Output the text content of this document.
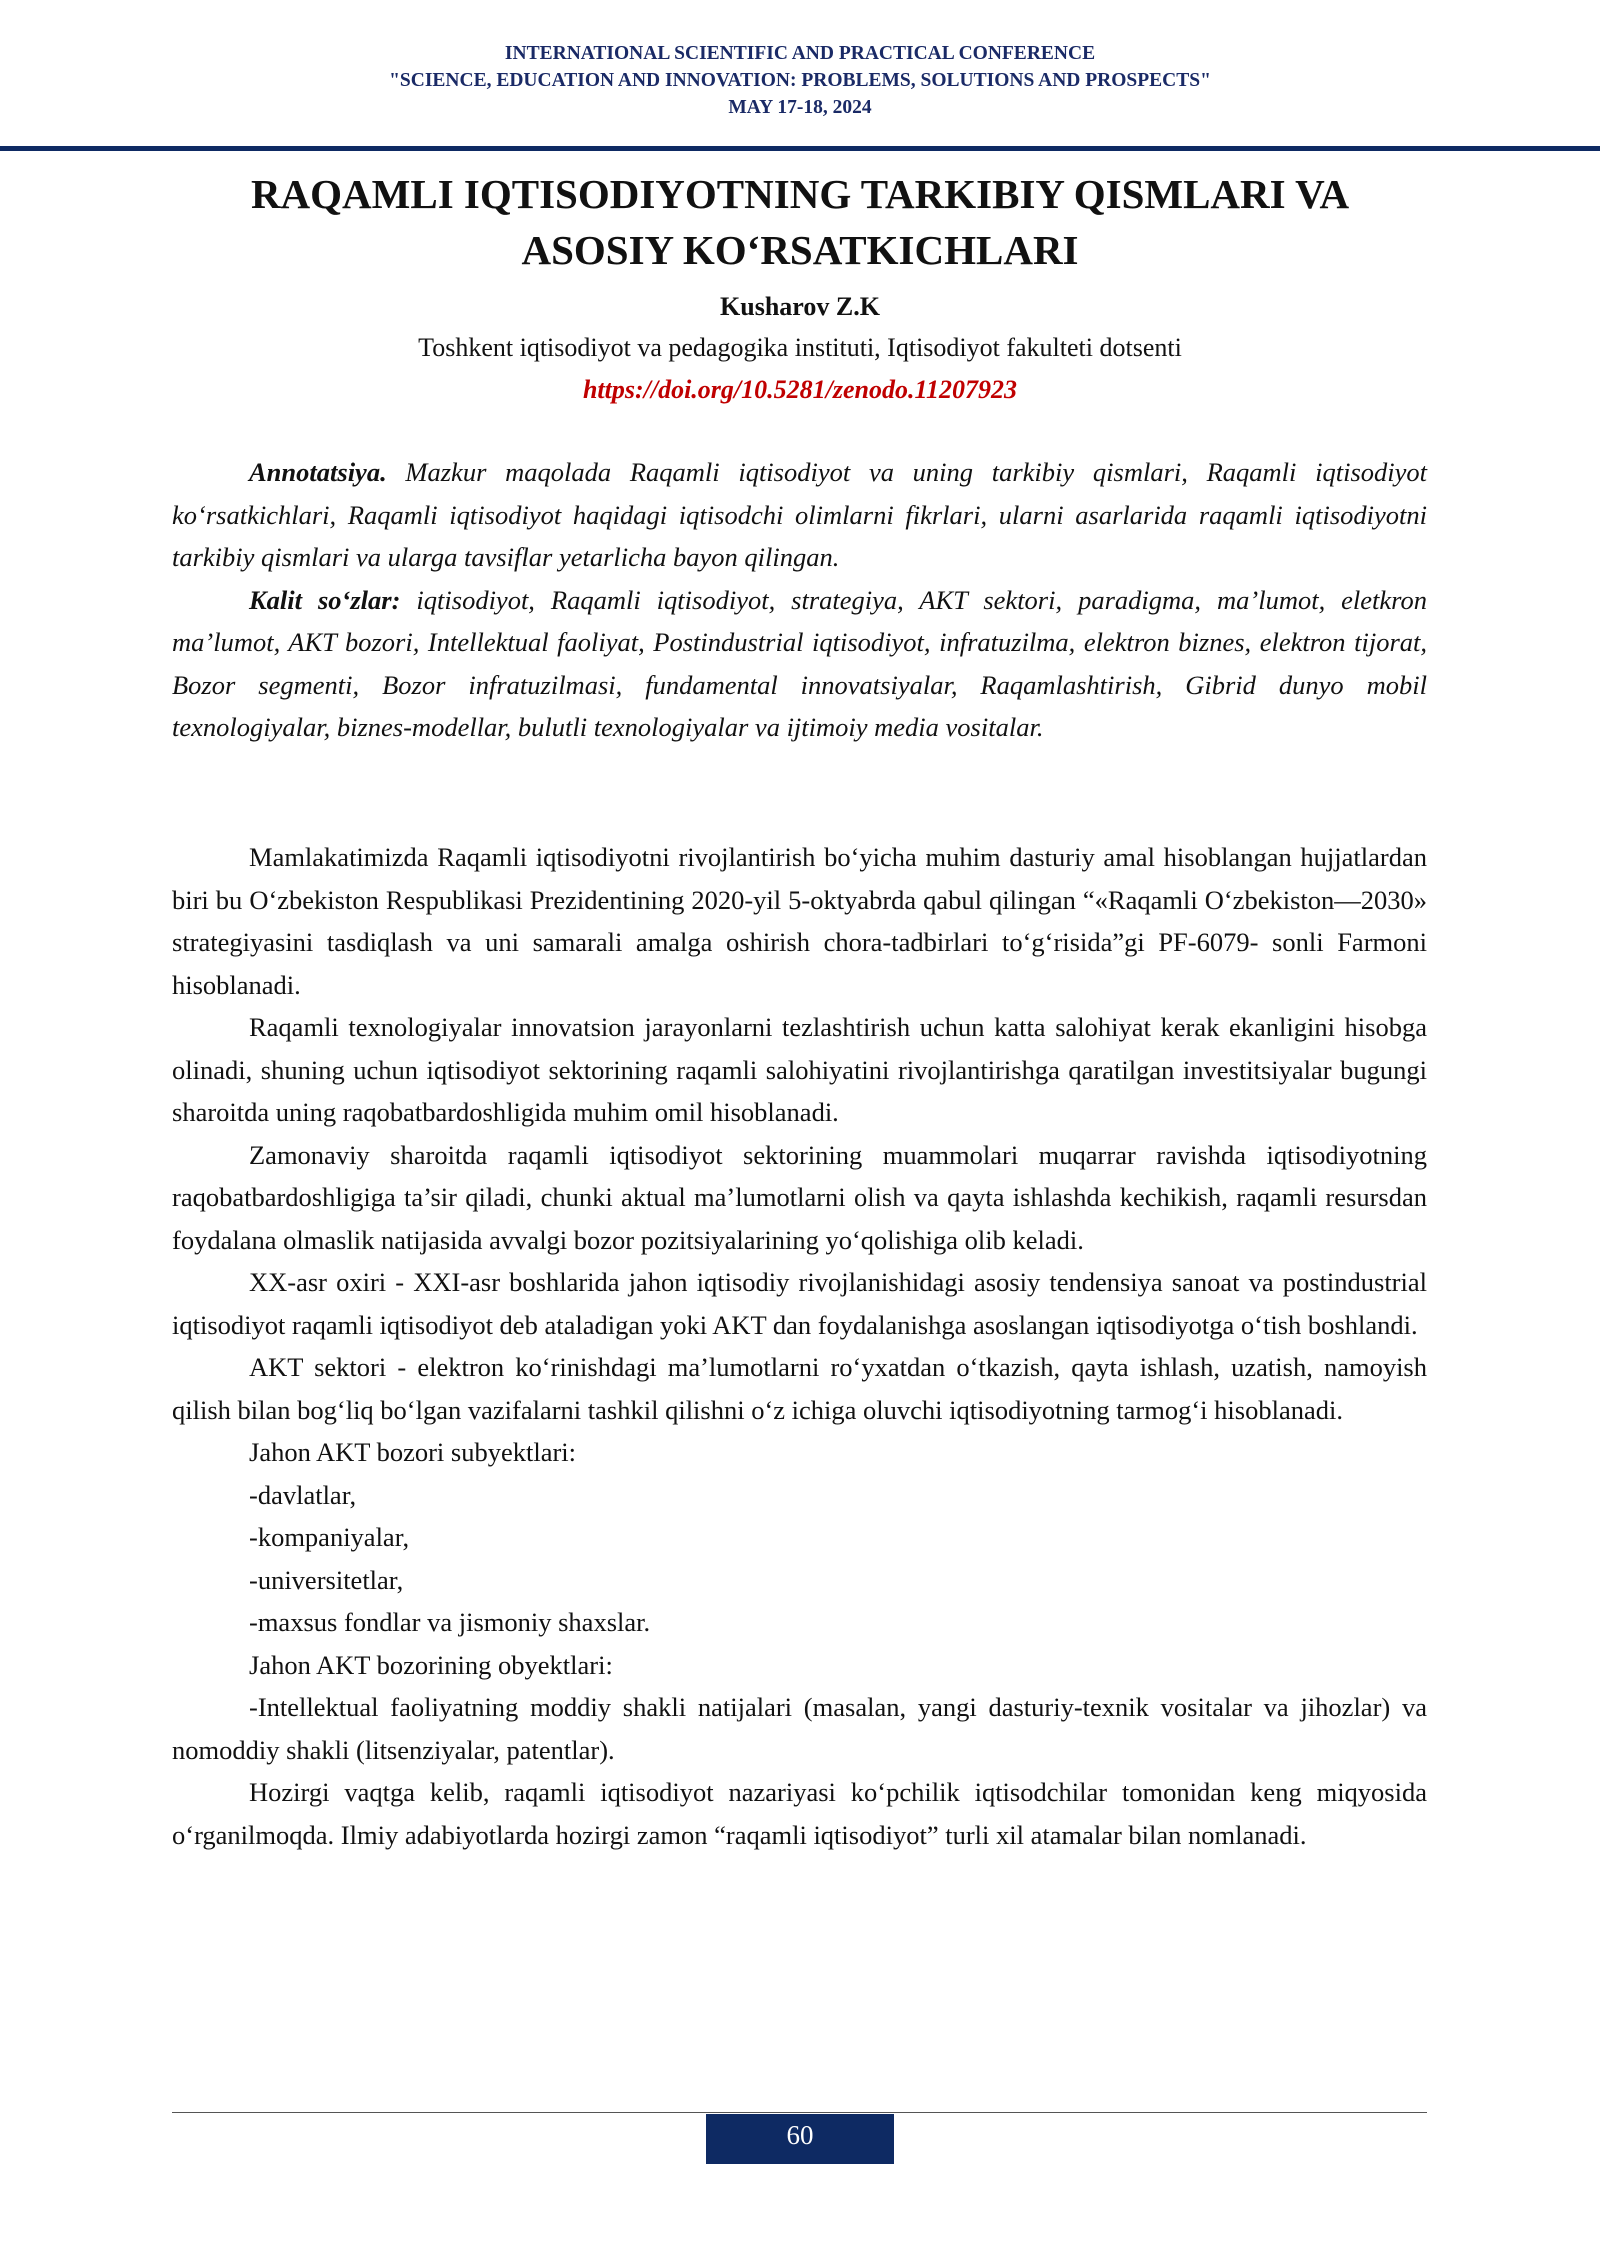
INTERNATIONAL SCIENTIFIC AND PRACTICAL CONFERENCE
"SCIENCE, EDUCATION AND INNOVATION: PROBLEMS, SOLUTIONS AND PROSPECTS"
MAY 17-18, 2024
RAQAMLI IQTISODIYOTNING TARKIBIY QISMLARI VA
ASOSIY KO‘RSATKICHLARI
Kusharov Z.K
Toshkent iqtisodiyot va pedagogika instituti, Iqtisodiyot fakulteti dotsenti
https://doi.org/10.5281/zenodo.11207923

Annotatsiya. Mazkur maqolada Raqamli iqtisodiyot va uning tarkibiy qismlari, Raqamli iqtisodiyot ko‘rsatkichlari, Raqamli iqtisodiyot haqidagi iqtisodchi olimlarni fikrlari, ularni asarlarida raqamli iqtisodiyotni tarkibiy qismlari va ularga tavsiflar yetarlicha bayon qilingan.

Kalit so‘zlar: iqtisodiyot, Raqamli iqtisodiyot, strategiya, AKT sektori, paradigma, ma’lumot, eletkron ma’lumot, AKT bozori, Intellektual faoliyat, Postindustrial iqtisodiyot, infratuzilma, elektron biznes, elektron tijorat, Bozor segmenti, Bozor infratuzilmasi, fundamental innovatsiyalar, Raqamlashtirish, Gibrid dunyo mobil texnologiyalar, biznes-modellar, bulutli texnologiyalar va ijtimoiy media vositalar.

Mamlakatimizda Raqamli iqtisodiyotni rivojlantirish bo‘yicha muhim dasturiy amal hisoblangan hujjatlardan biri bu O‘zbekiston Respublikasi Prezidentining 2020-yil 5-oktyabrda qabul qilingan “«Raqamli O‘zbekiston—2030» strategiyasini tasdiqlash va uni samarali amalga oshirish chora-tadbirlari to‘g‘risida”gi PF-6079- sonli Farmoni hisoblanadi.

Raqamli texnologiyalar innovatsion jarayonlarni tezlashtirish uchun katta salohiyat kerak ekanligini hisobga olinadi, shuning uchun iqtisodiyot sektorining raqamli salohiyatini rivojlantirishga qaratilgan investitsiyalar bugungi sharoitda uning raqobatbardoshligida muhim omil hisoblanadi.

Zamonaviy sharoitda raqamli iqtisodiyot sektorining muammolari muqarrar ravishda iqtisodiyotning raqobatbardoshligiga ta’sir qiladi, chunki aktual ma’lumotlarni olish va qayta ishlashda kechikish, raqamli resursdan foydalana olmaslik natijasida avvalgi bozor pozitsiyalarining yo‘qolishiga olib keladi.

XX-asr oxiri - XXI-asr boshlarida jahon iqtisodiy rivojlanishidagi asosiy tendensiya sanoat va postindustrial iqtisodiyot raqamli iqtisodiyot deb ataladigan yoki AKT dan foydalanishga asoslangan iqtisodiyotga o‘tish boshlandi.

AKT sektori - elektron ko‘rinishdagi ma’lumotlarni ro‘yxatdan o‘tkazish, qayta ishlash, uzatish, namoyish qilish bilan bog‘liq bo‘lgan vazifalarni tashkil qilishni o‘z ichiga oluvchi iqtisodiyotning tarmog‘i hisoblanadi.

Jahon AKT bozori subyektlari:

-davlatlar,

-kompaniyalar,

-universitetlar,

-maxsus fondlar va jismoniy shaxslar.

Jahon AKT bozorining obyektlari:

-Intellektual faoliyatning moddiy shakli natijalari (masalan, yangi dasturiy-texnik vositalar va jihozlar) va nomoddiy shakli (litsenziyalar, patentlar).

Hozirgi vaqtga kelib, raqamli iqtisodiyot nazariyasi ko‘pchilik iqtisodchilar tomonidan keng miqyosida o‘rganilmoqda. Ilmiy adabiyotlarda hozirgi zamon “raqamli iqtisodiyot” turli xil atamalar bilan nomlanadi.

60
